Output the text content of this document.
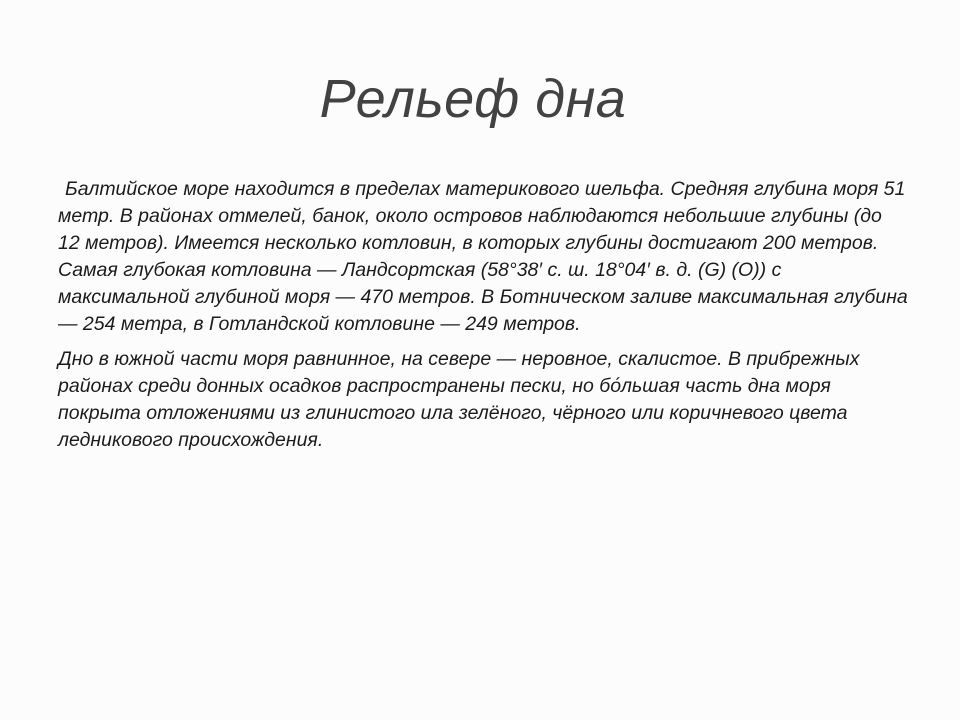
Рельеф дна

Балтийское море находится в пределах материкового шельфа. Средняя глубина моря 51 метр. В районах отмелей, банок, около островов наблюдаются небольшие глубины (до 12 метров). Имеется несколько котловин, в которых глубины достигают 200 метров. Самая глубокая котловина — Ландсортская (58°38′ с. ш. 18°04′ в. д. (G) (O)) с максимальной глубиной моря — 470 метров. В Ботническом заливе максимальная глубина — 254 метра, в Готландской котловине — 249 метров.

Дно в южной части моря равнинное, на севере — неровное, скалистое. В прибрежных районах среди донных осадков распространены пески, но бо́льшая часть дна моря покрыта отложениями из глинистого ила зелёного, чёрного или коричневого цвета ледникового происхождения.
